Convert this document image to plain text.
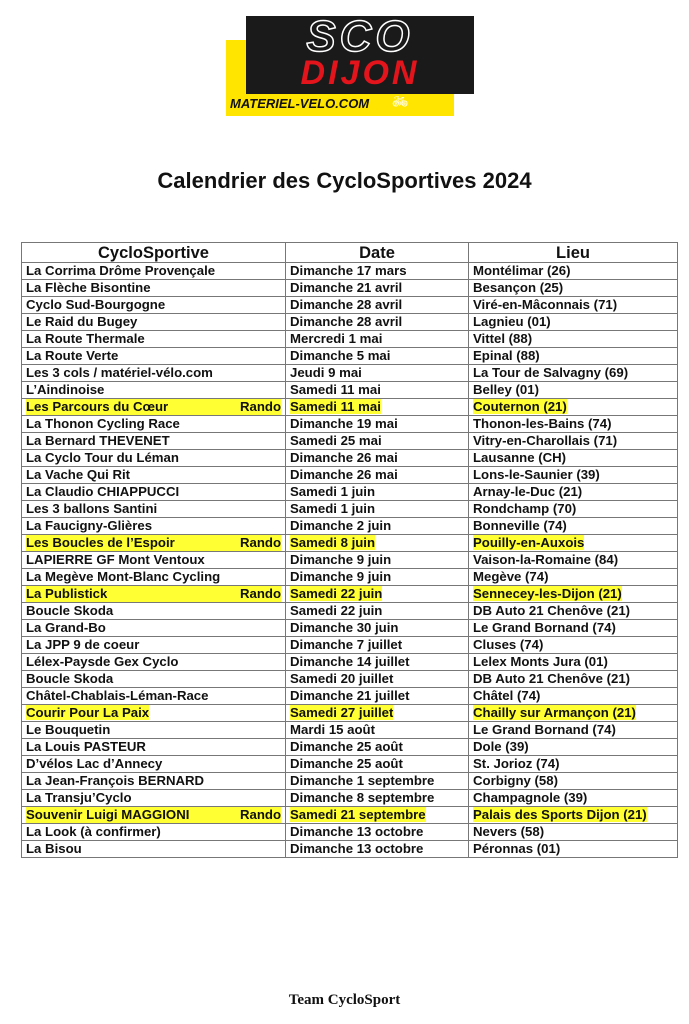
SCO
DIJON
MATERIEL-VELO.COM 🚲︎
Calendrier des CycloSportives 2024
CycloSportive	Date	Lieu
La Corrima Drôme Provençale	Dimanche 17 mars	Montélimar (26)
La Flèche Bisontine	Dimanche 21 avril	Besançon (25)
Cyclo Sud-Bourgogne	Dimanche 28 avril	Viré-en-Mâconnais (71)
Le Raid du Bugey	Dimanche 28 avril	Lagnieu (01)
La Route Thermale	Mercredi 1 mai	Vittel (88)
La Route Verte	Dimanche 5 mai	Epinal (88)
Les 3 cols / matériel-vélo.com	Jeudi 9 mai	La Tour de Salvagny (69)
L’Aindinoise	Samedi 11 mai	Belley (01)

Les Parcours du Cœur Rando	Samedi 11 mai	Couternon (21)
La Thonon Cycling Race	Dimanche 19 mai	Thonon-les-Bains (74)
La Bernard THEVENET	Samedi 25 mai	Vitry-en-Charollais (71)
La Cyclo Tour du Léman	Dimanche 26 mai	Lausanne (CH)
La Vache Qui Rit	Dimanche 26 mai	Lons-le-Saunier (39)
La Claudio CHIAPPUCCI	Samedi 1 juin	Arnay-le-Duc (21)
Les 3 ballons Santini	Samedi 1 juin	Rondchamp (70)
La Faucigny-Glières	Dimanche 2 juin	Bonneville (74)

Les Boucles de l’Espoir Rando	Samedi 8 juin	Pouilly-en-Auxois
LAPIERRE GF Mont Ventoux	Dimanche 9 juin	Vaison-la-Romaine (84)
La Megève Mont-Blanc Cycling	Dimanche 9 juin	Megève (74)

La Publistick Rando	Samedi 22 juin	Sennecey-les-Dijon (21)
Boucle Skoda	Samedi 22 juin	DB Auto 21 Chenôve (21)
La Grand-Bo	Dimanche 30 juin	Le Grand Bornand (74)
La JPP 9 de coeur	Dimanche 7 juillet	Cluses (74)
Lélex-Paysde Gex Cyclo	Dimanche 14 juillet	Lelex Monts Jura (01)
Boucle Skoda	Samedi 20 juillet	DB Auto 21 Chenôve (21)
Châtel-Chablais-Léman-Race	Dimanche 21 juillet	Châtel (74)
Courir Pour La Paix	Samedi 27 juillet	Chailly sur Armançon (21)
Le Bouquetin	Mardi 15 août	Le Grand Bornand (74)
La Louis PASTEUR	Dimanche 25 août	Dole (39)
D’vélos Lac d’Annecy	Dimanche 25 août	St. Jorioz (74)
La Jean-François BERNARD	Dimanche 1 septembre	Corbigny (58)
La Transju’Cyclo	Dimanche 8 septembre	Champagnole (39)

Souvenir Luigi MAGGIONI Rando	Samedi 21 septembre	Palais des Sports Dijon (21)
La Look (à confirmer)	Dimanche 13 octobre	Nevers (58)
La Bisou	Dimanche 13 octobre	Péronnas (01)
Team CycloSport
